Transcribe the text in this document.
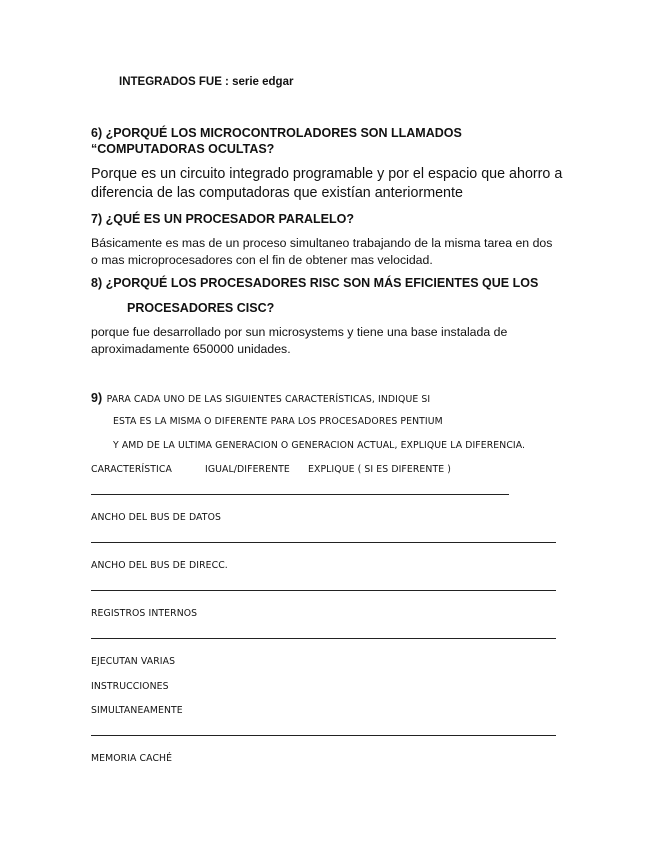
INTEGRADOS FUE : serie edgar
6) ¿PORQUÉ LOS MICROCONTROLADORES SON LLAMADOS
“COMPUTADORAS OCULTAS?
Porque es un circuito integrado programable y por el espacio que ahorro a diferencia de las computadoras que existían anteriormente
7) ¿QUÉ ES UN PROCESADOR PARALELO?
Básicamente es mas de un proceso simultaneo trabajando de la misma tarea en dos o mas microprocesadores con el fin de obtener mas velocidad.
8) ¿PORQUÉ LOS PROCESADORES RISC SON MÁS EFICIENTES QUE LOS
PROCESADORES CISC?
porque fue desarrollado por sun microsystems y tiene una base instalada de aproximadamente 650000 unidades.
9) PARA CADA UNO DE LAS SIGUIENTES CARACTERÍSTICAS, INDIQUE SI
ESTA ES LA MISMA O DIFERENTE PARA LOS PROCESADORES PENTIUM
Y AMD DE LA ULTIMA GENERACION O GENERACION ACTUAL, EXPLIQUE LA DIFERENCIA.
CARACTERÍSTICA	IGUAL/DIFERENTE EXPLIQUE ( SI ES DIFERENTE )
ANCHO DEL BUS DE DATOS
ANCHO DEL BUS DE DIRECC.
REGISTROS INTERNOS
EJECUTAN VARIAS
INSTRUCCIONES
SIMULTANEAMENTE
MEMORIA CACHÉ
